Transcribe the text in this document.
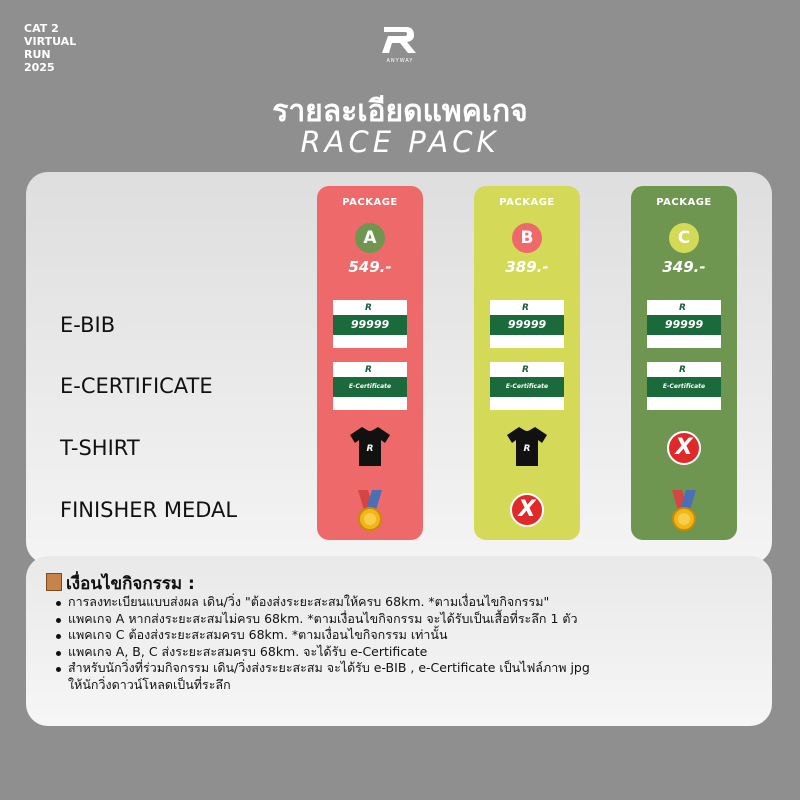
CAT 2
VIRTUAL
RUN
2025	ANYWAY
รายละเอียดแพคเกจ
RACE PACK
E-BIB
E-CERTIFICATE
T-SHIRT
FINISHER MEDAL
PACKAGE
A
549.-
R
99999
R
E-Certificate
R
PACKAGE
B
389.-
R
99999
R
E-Certificate
R
X
PACKAGE
C
349.-
R
99999
R
E-Certificate
X
เงื่อนไขกิจกรรม :
การลงทะเบียนแบบส่งผล เดิน/วิ่ง "ต้องส่งระยะสะสมให้ครบ 68km. *ตามเงื่อนไขกิจกรรม"
แพคเกจ A หากส่งระยะสะสมไม่ครบ 68km. *ตามเงื่อนไขกิจกรรม จะได้รับเป็นเสื้อที่ระลึก 1 ตัว
แพคเกจ C ต้องส่งระยะสะสมครบ 68km. *ตามเงื่อนไขกิจกรรม เท่านั้น
แพคเกจ A, B, C ส่งระยะสะสมครบ 68km. จะได้รับ e-Certificate
สำหรับนักวิ่งที่ร่วมกิจกรรม เดิน/วิ่งส่งระยะสะสม จะได้รับ e-BIB , e-Certificate เป็นไฟล์ภาพ jpg
ให้นักวิ่งดาวน์โหลดเป็นที่ระลึก
